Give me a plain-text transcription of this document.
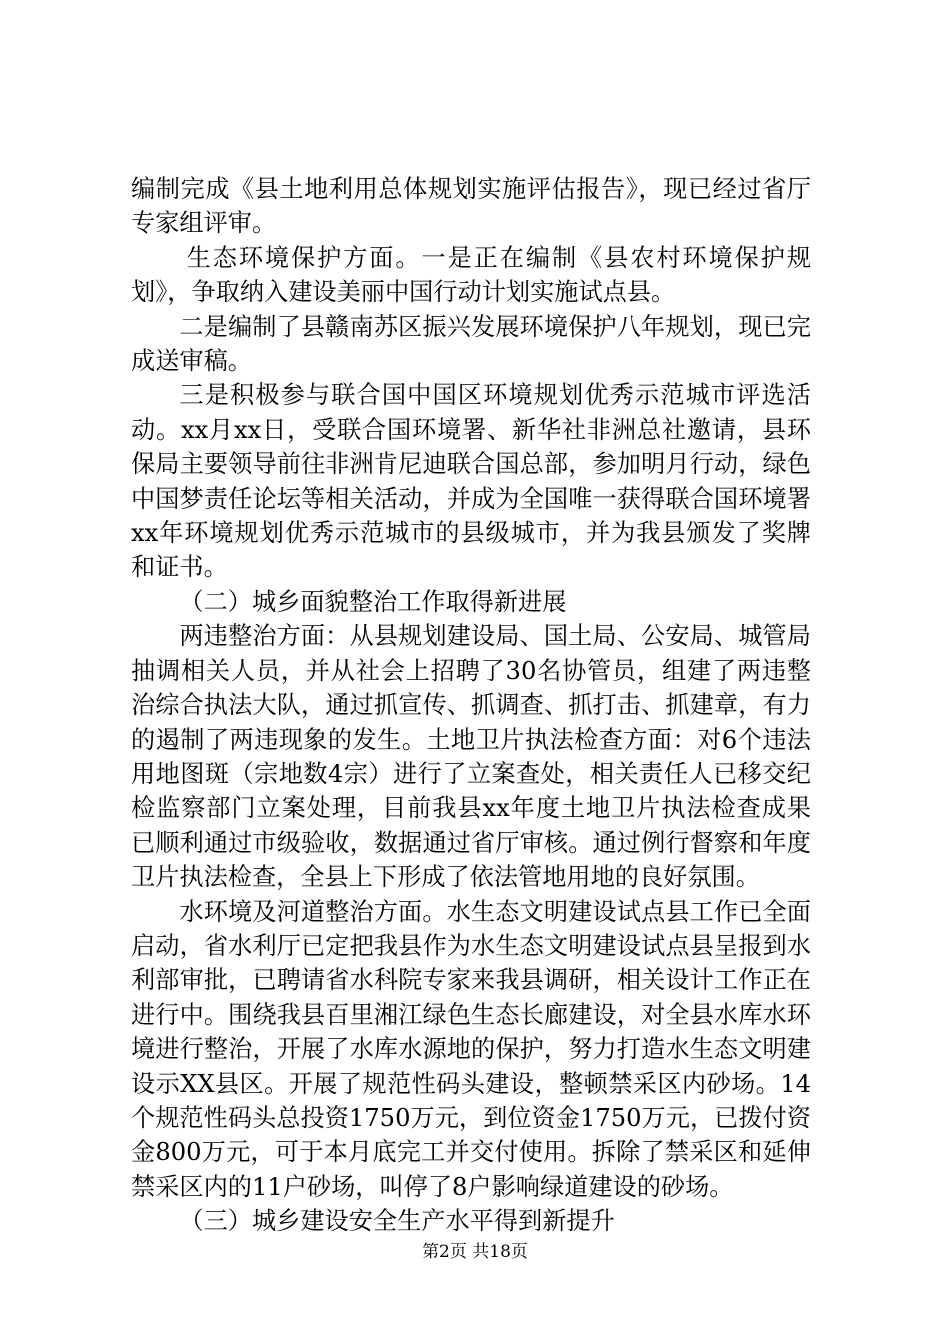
编制完成《县土地利用总体规划实施评估报告》，现已经过省厅专家组评审。

生态环境保护方面。一是正在编制《县农村环境保护规划》，争取纳入建设美丽中国行动计划实施试点县。

二是编制了县赣南苏区振兴发展环境保护八年规划，现已完成送审稿。

三是积极参与联合国中国区环境规划优秀示范城市评选活动。xx月xx日，受联合国环境署、新华社非洲总社邀请，县环保局主要领导前往非洲肯尼迪联合国总部，参加明月行动，绿色中国梦责任论坛等相关活动，并成为全国唯一获得联合国环境署xx年环境规划优秀示范城市的县级城市，并为我县颁发了奖牌和证书。

（二）城乡面貌整治工作取得新进展

两违整治方面：从县规划建设局、国土局、公安局、城管局抽调相关人员，并从社会上招聘了30名协管员，组建了两违整治综合执法大队，通过抓宣传、抓调查、抓打击、抓建章，有力的遏制了两违现象的发生。土地卫片执法检查方面：对6个违法用地图斑（宗地数4宗）进行了立案查处，相关责任人已移交纪检监察部门立案处理，目前我县xx年度土地卫片执法检查成果已顺利通过市级验收，数据通过省厅审核。通过例行督察和年度卫片执法检查，全县上下形成了依法管地用地的良好氛围。

水环境及河道整治方面。水生态文明建设试点县工作已全面启动，省水利厅已定把我县作为水生态文明建设试点县呈报到水利部审批，已聘请省水科院专家来我县调研，相关设计工作正在进行中。围绕我县百里湘江绿色生态长廊建设，对全县水库水环境进行整治，开展了水库水源地的保护，努力打造水生态文明建设示XX县区。开展了规范性码头建设，整顿禁采区内砂场。14个规范性码头总投资1750万元，到位资金1750万元，已拨付资金800万元，可于本月底完工并交付使用。拆除了禁采区和延伸禁采区内的11户砂场，叫停了8户影响绿道建设的砂场。

（三）城乡建设安全生产水平得到新提升

第2页 共18页
